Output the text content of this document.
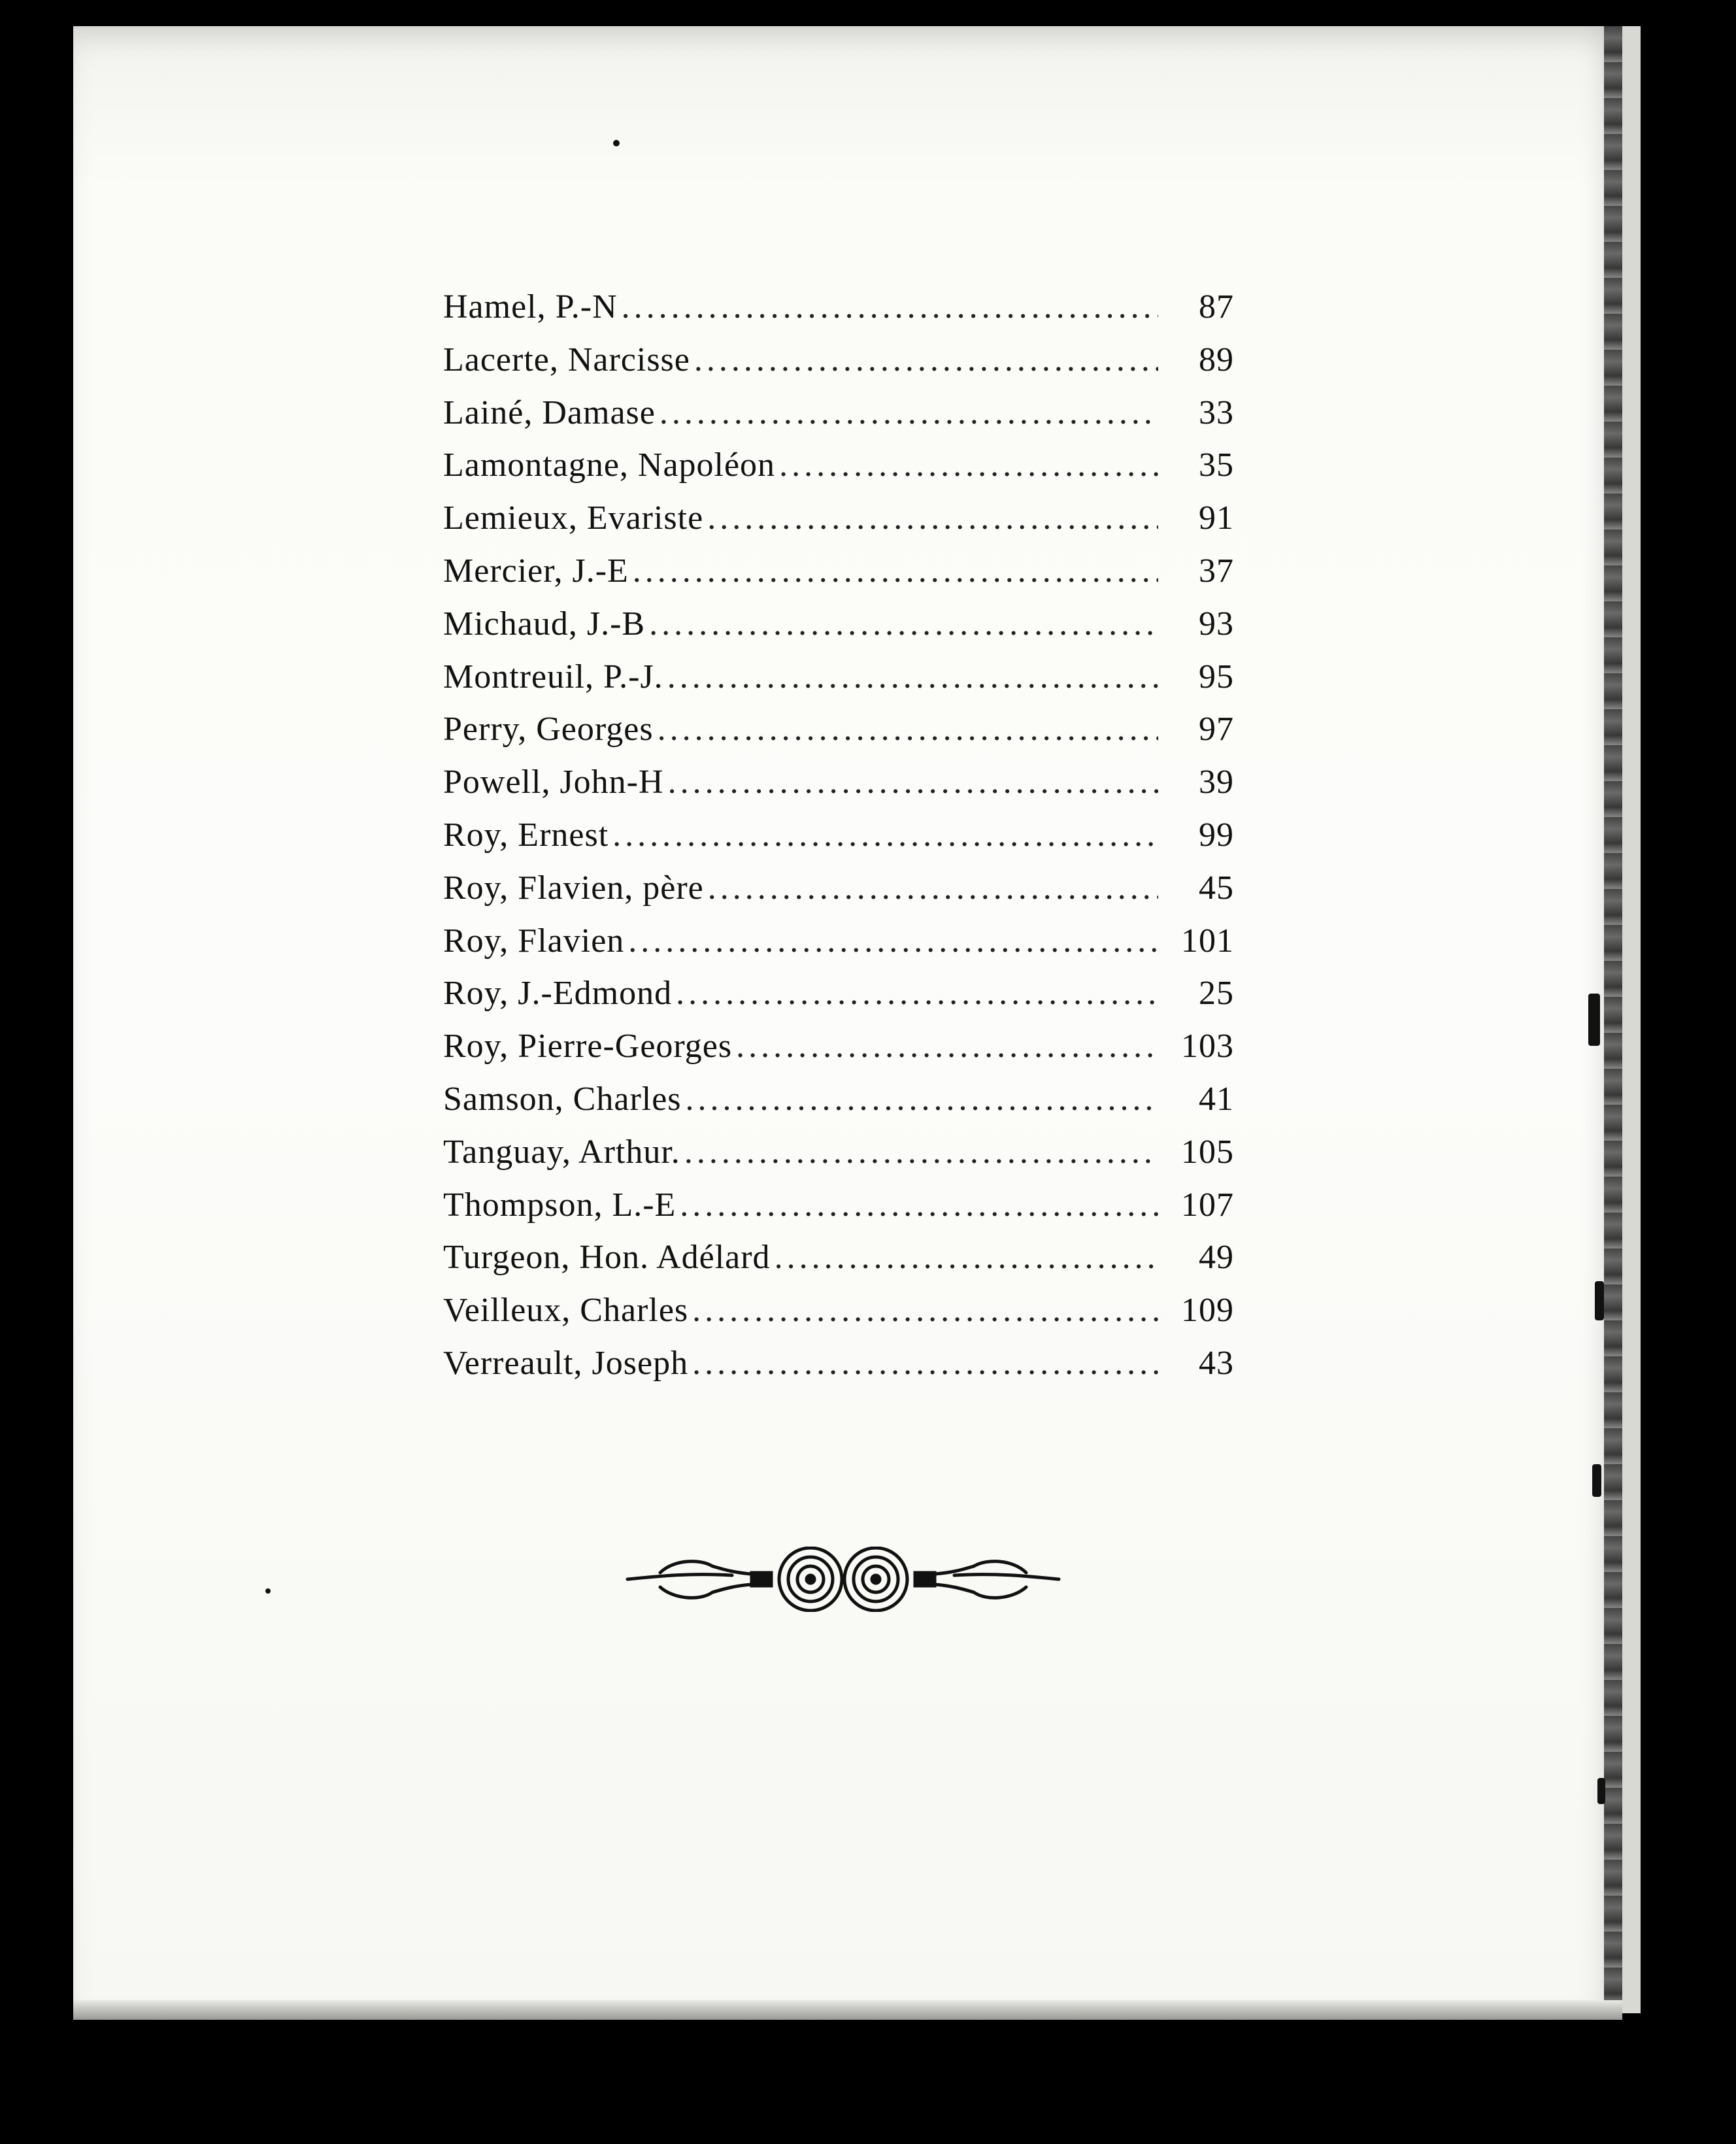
Hamel, P.-N .....	87
Lacerte, Narcisse .....	89
Lainé, Damase .....	33
Lamontagne, Napoléon .....	35
Lemieux, Evariste .....	91
Mercier, J.-E .....	37
Michaud, J.-B .....	93
Montreuil, P.-J. .....	95
Perry, Georges .....	97
Powell, John-H .....	39
Roy, Ernest .....	99
Roy, Flavien, père .....	45
Roy, Flavien .....	101
Roy, J.-Edmond .....	25
Roy, Pierre-Georges .....	103
Samson, Charles .....	41
Tanguay, Arthur. .....	105
Thompson, L.-E .....	107
Turgeon, Hon. Adélard .....	49
Veilleux, Charles .....	109
Verreault, Joseph .....	43
